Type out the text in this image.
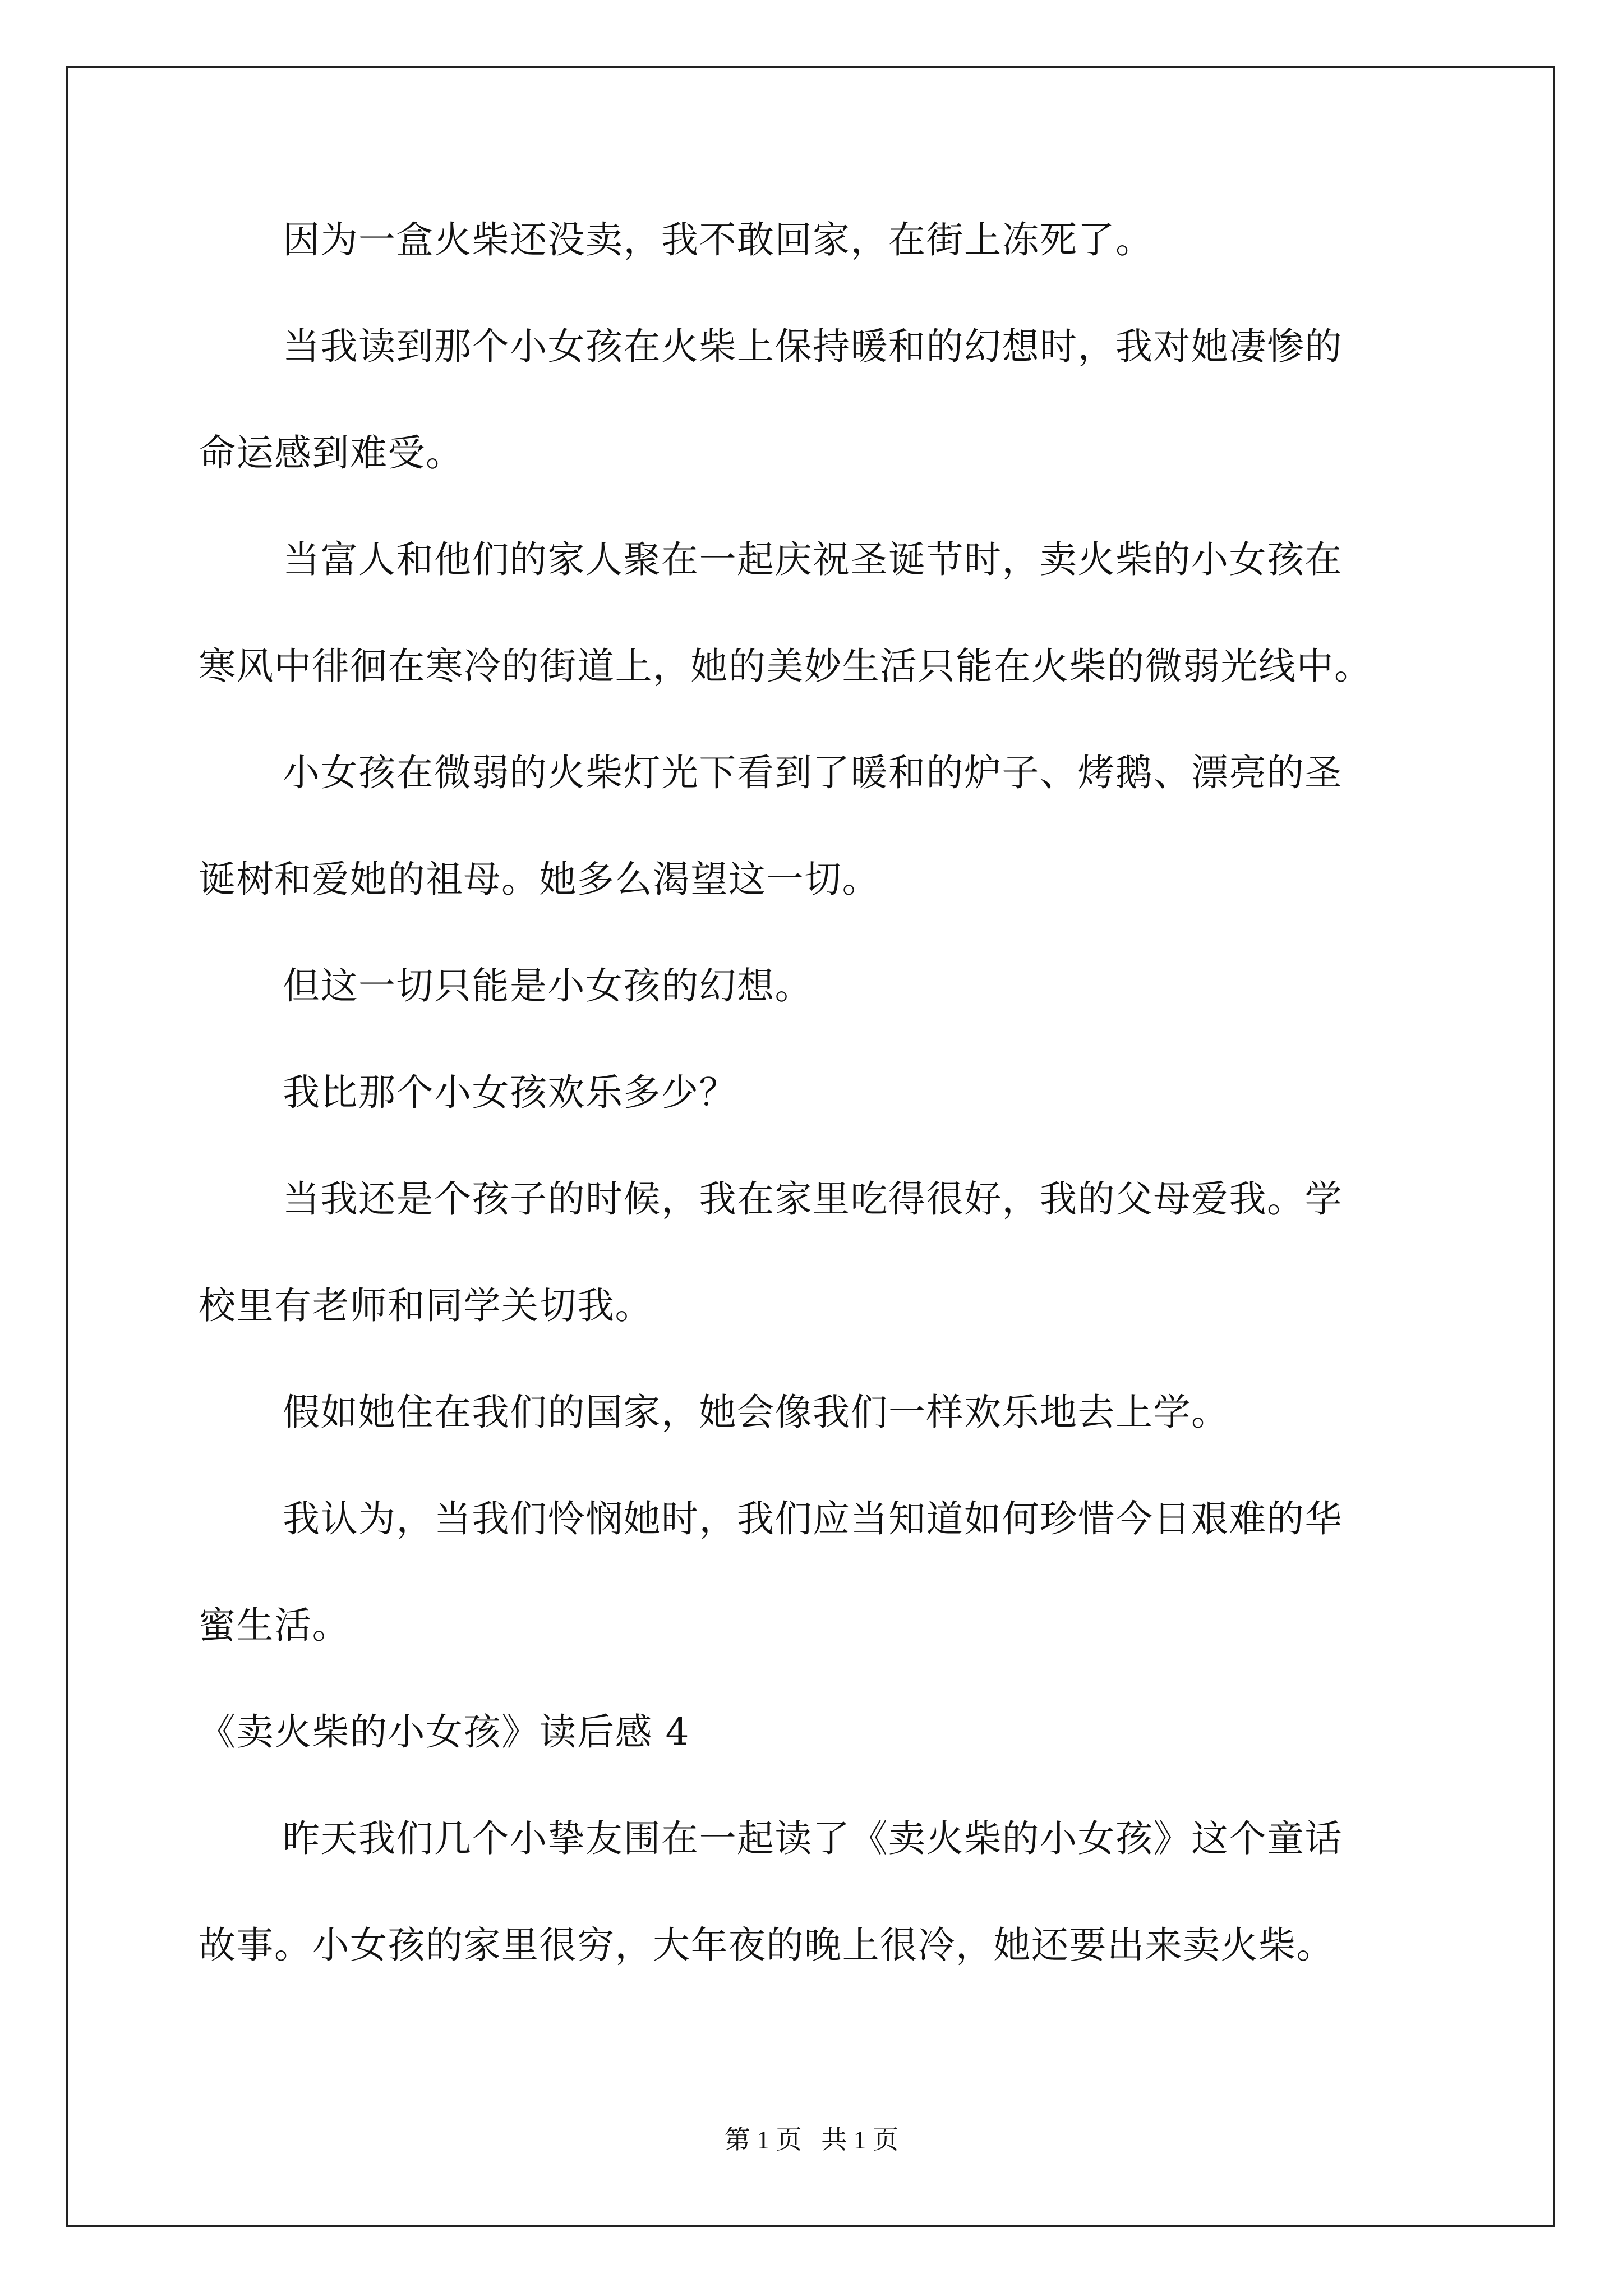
因为一盒火柴还没卖，我不敢回家，在街上冻死了。
当我读到那个小女孩在火柴上保持暖和的幻想时，我对她凄惨的
命运感到难受。
当富人和他们的家人聚在一起庆祝圣诞节时，卖火柴的小女孩在
寒风中徘徊在寒冷的街道上，她的美妙生活只能在火柴的微弱光线中。
小女孩在微弱的火柴灯光下看到了暖和的炉子、烤鹅、漂亮的圣
诞树和爱她的祖母。她多么渴望这一切。
但这一切只能是小女孩的幻想。
我比那个小女孩欢乐多少？
当我还是个孩子的时候，我在家里吃得很好，我的父母爱我。学
校里有老师和同学关切我。
假如她住在我们的国家，她会像我们一样欢乐地去上学。
我认为，当我们怜悯她时，我们应当知道如何珍惜今日艰难的华
蜜生活。
《卖火柴的小女孩》读后感 4
昨天我们几个小挚友围在一起读了《卖火柴的小女孩》这个童话
故事。小女孩的家里很穷，大年夜的晚上很冷，她还要出来卖火柴。
第 1 页   共 1 页
